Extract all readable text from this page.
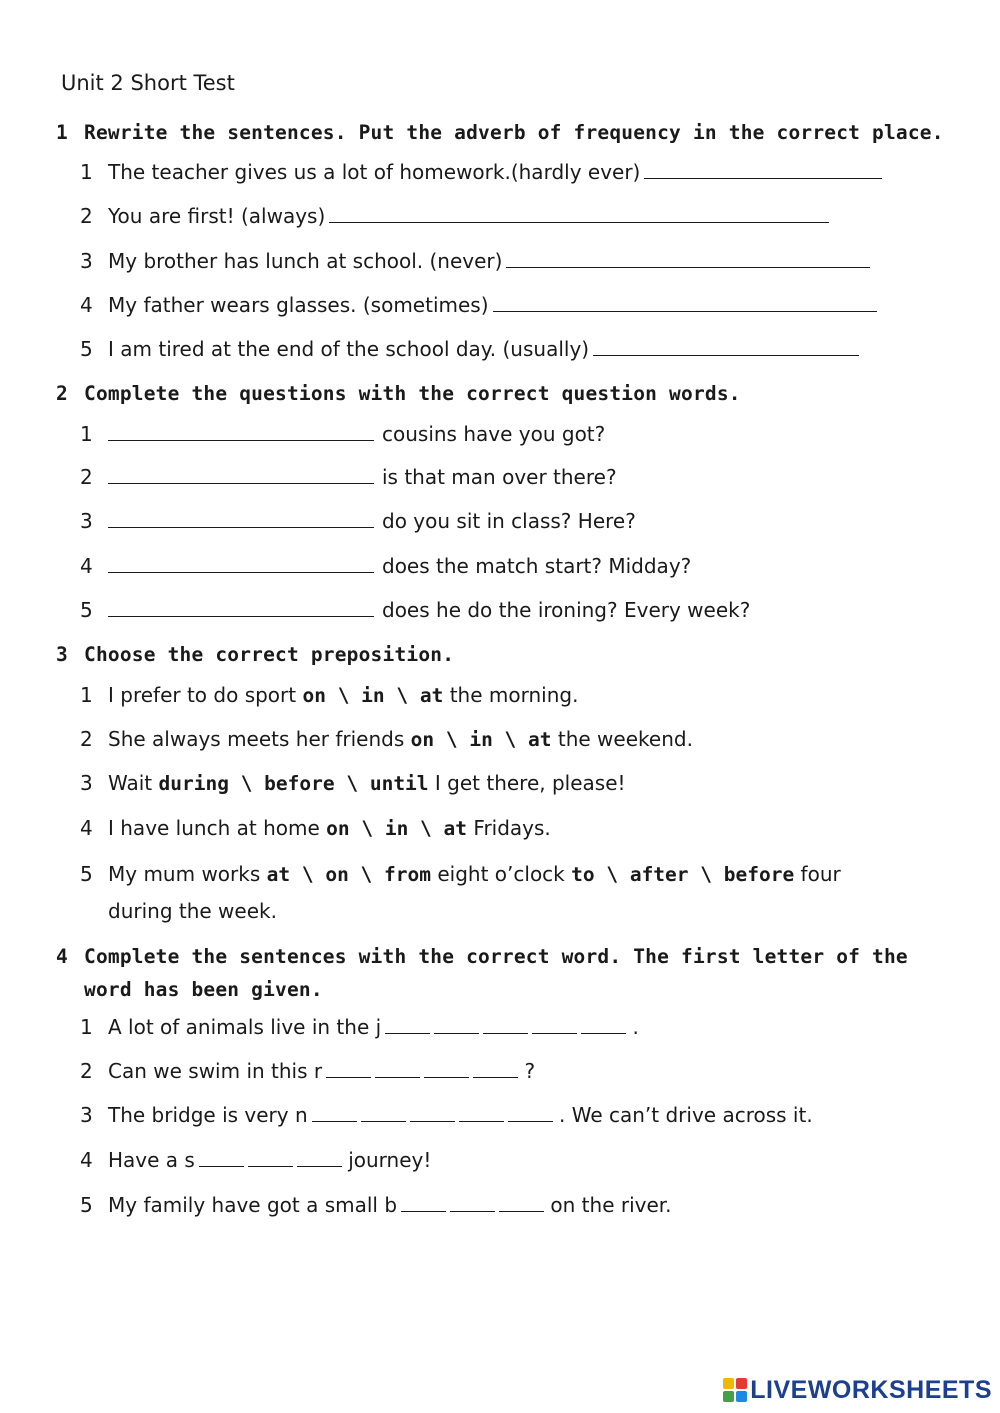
Unit 2 Short Test
1 Rewrite the sentences. Put the adverb of frequency in the correct place.
1 The teacher gives us a lot of homework.(hardly ever)
2 You are first! (always)
3 My brother has lunch at school. (never)
4 My father wears glasses. (sometimes)
5 I am tired at the end of the school day. (usually)
2 Complete the questions with the correct question words.
1	cousins have you got?
2	is that man over there?
3	do you sit in class? Here?
4	does the match start? Midday?
5	does he do the ironing? Every week?
3 Choose the correct preposition.
1 I prefer to do sport on \ in \ at the morning.
2 She always meets her friends on \ in \ at the weekend.
3 Wait during \ before \ until I get there, please!
4 I have lunch at home on \ in \ at Fridays.
5 My mum works at \ on \ from eight o’clock to \ after \ before four during the week.
4 Complete the sentences with the correct word. The first letter of the word has been given.
1 A lot of animals live in the j	.
2 Can we swim in this r	?
3 The bridge is very n	. We can’t drive across it.
4 Have a s	journey!
5 My family have got a small b	on the river.
LIVEWORKSHEETS
